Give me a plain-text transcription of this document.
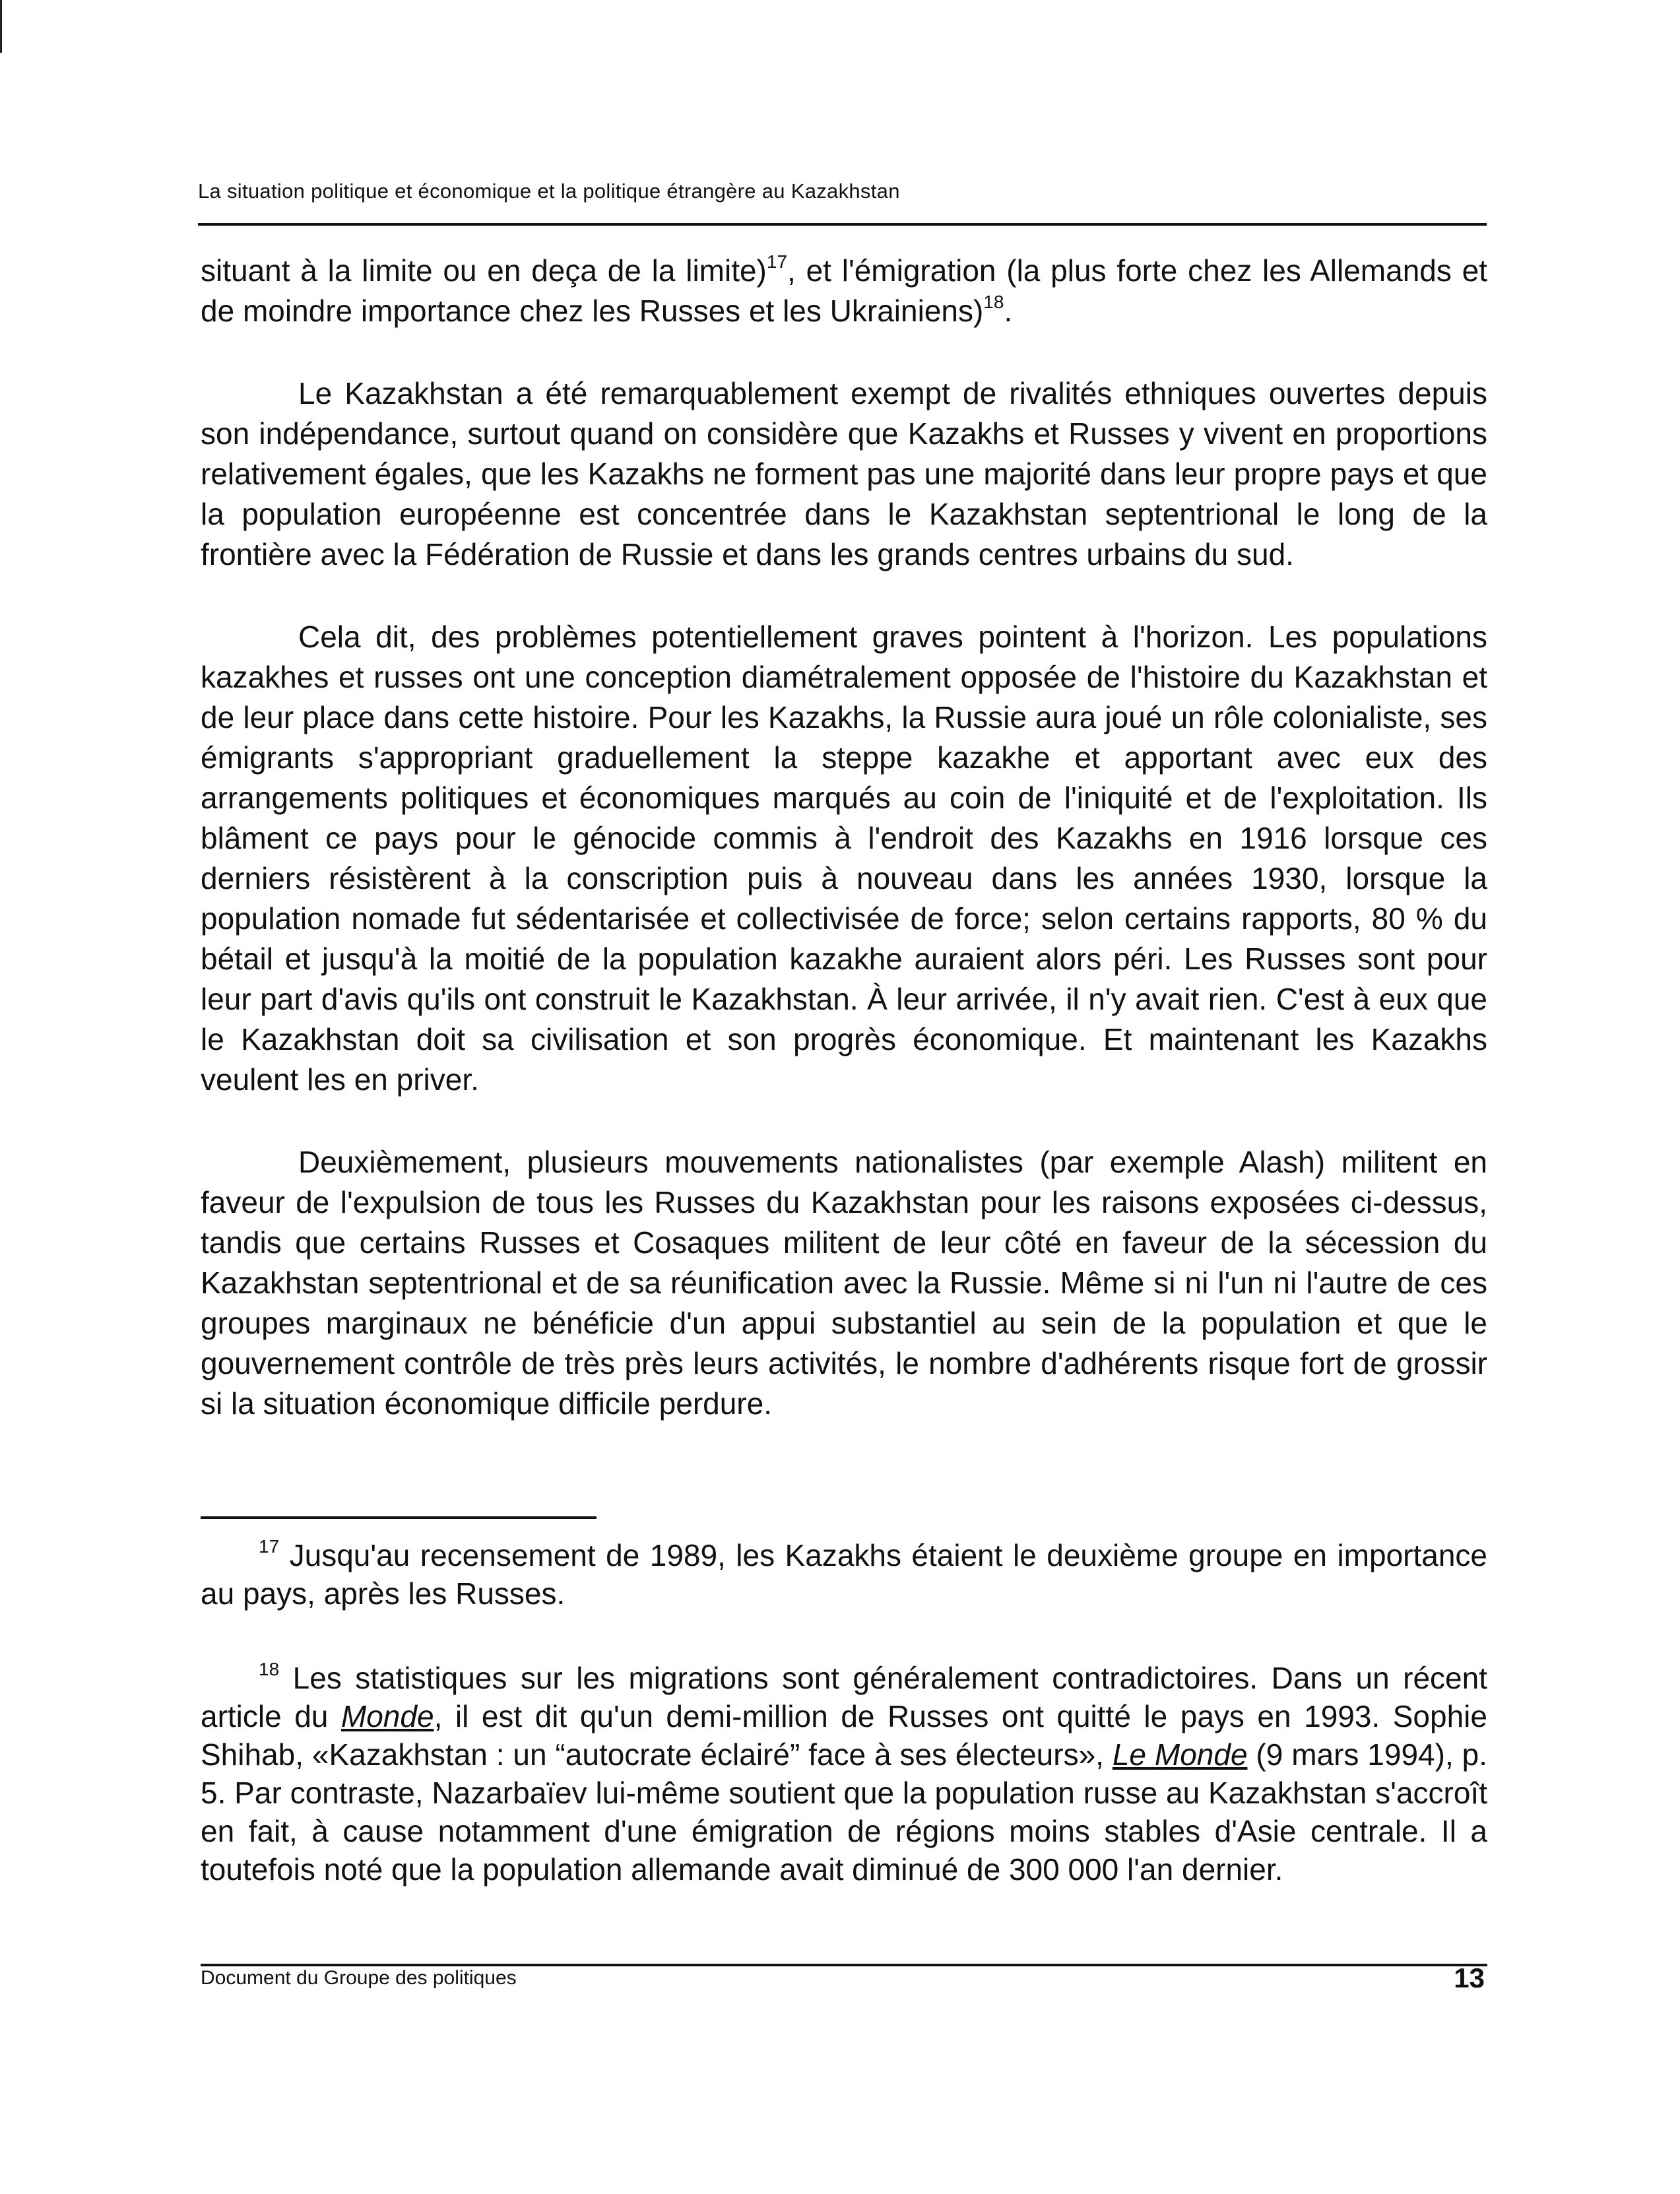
La situation politique et économique et la politique étrangère au Kazakhstan

situant à la limite ou en deça de la limite)$^{17}$, et l'émigration (la plus forte chez les Allemands et de moindre importance chez les Russes et les Ukrainiens)$^{18}$.

Le Kazakhstan a été remarquablement exempt de rivalités ethniques ouvertes depuis son indépendance, surtout quand on considère que Kazakhs et Russes y vivent en proportions relativement égales, que les Kazakhs ne forment pas une majorité dans leur propre pays et que la population européenne est concentrée dans le Kazakhstan septentrional le long de la frontière avec la Fédération de Russie et dans les grands centres urbains du sud.

Cela dit, des problèmes potentiellement graves pointent à l'horizon. Les populations kazakhes et russes ont une conception diamétralement opposée de l'histoire du Kazakhstan et de leur place dans cette histoire. Pour les Kazakhs, la Russie aura joué un rôle colonialiste, ses émigrants s'appropriant graduellement la steppe kazakhe et apportant avec eux des arrangements politiques et économiques marqués au coin de l'iniquité et de l'exploitation. Ils blâment ce pays pour le génocide commis à l'endroit des Kazakhs en 1916 lorsque ces derniers résistèrent à la conscription puis à nouveau dans les années 1930, lorsque la population nomade fut sédentarisée et collectivisée de force; selon certains rapports, 80 % du bétail et jusqu'à la moitié de la population kazakhe auraient alors péri. Les Russes sont pour leur part d'avis qu'ils ont construit le Kazakhstan. À leur arrivée, il n'y avait rien. C'est à eux que le Kazakhstan doit sa civilisation et son progrès économique. Et maintenant les Kazakhs veulent les en priver.

Deuxièmement, plusieurs mouvements nationalistes (par exemple Alash) militent en faveur de l'expulsion de tous les Russes du Kazakhstan pour les raisons exposées ci-dessus, tandis que certains Russes et Cosaques militent de leur côté en faveur de la sécession du Kazakhstan septentrional et de sa réunification avec la Russie. Même si ni l'un ni l'autre de ces groupes marginaux ne bénéficie d'un appui substantiel au sein de la population et que le gouvernement contrôle de très près leurs activités, le nombre d'adhérents risque fort de grossir si la situation économique difficile perdure.

$^{17}$ Jusqu'au recensement de 1989, les Kazakhs étaient le deuxième groupe en importance au pays, après les Russes.

$^{18}$ Les statistiques sur les migrations sont généralement contradictoires. Dans un récent article du Monde, il est dit qu'un demi-million de Russes ont quitté le pays en 1993. Sophie Shihab, «Kazakhstan : un “autocrate éclairé” face à ses électeurs», Le Monde (9 mars 1994), p. 5. Par contraste, Nazarbaïev lui-même soutient que la population russe au Kazakhstan s'accroît en fait, à cause notamment d'une émigration de régions moins stables d'Asie centrale. Il a toutefois noté que la population allemande avait diminué de 300 000 l'an dernier.

Document du Groupe des politiques	13
